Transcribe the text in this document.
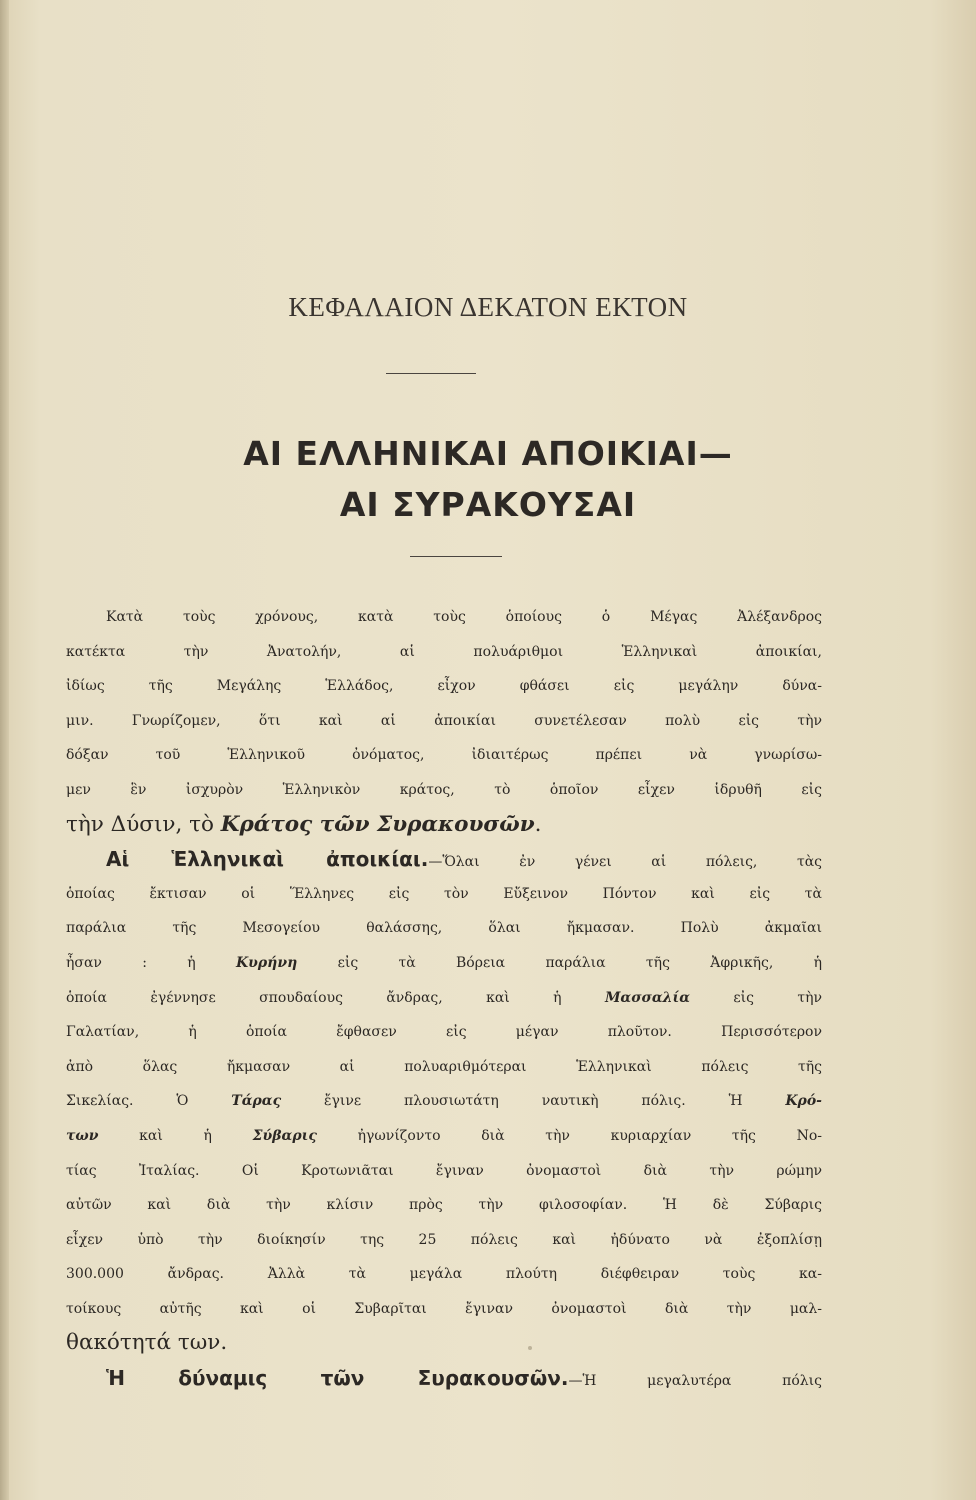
ΚΕΦΑΛΑΙΟΝ ΔΕΚΑΤΟΝ ΕΚΤΟΝ
ΑΙ ΕΛΛΗΝΙΚΑΙ ΑΠΟΙΚΙΑΙ—
ΑΙ ΣΥΡΑΚΟΥΣΑΙ
Κατὰ τοὺς χρόνους, κατὰ τοὺς ὁποίους ὁ Μέγας Ἀλέξανδρος
κατέκτα τὴν Ἀνατολήν, αἱ πολυάριθμοι Ἑλληνικαὶ ἀποικίαι,
ἰδίως τῆς Μεγάλης Ἑλλάδος, εἶχον φθάσει εἰς μεγάλην δύνα-
μιν. Γνωρίζομεν, ὅτι καὶ αἱ ἀποικίαι συνετέλεσαν πολὺ εἰς τὴν
δόξαν τοῦ Ἑλληνικοῦ ὀνόματος, ἰδιαιτέρως πρέπει νὰ γνωρίσω-
μεν ἓν ἰσχυρὸν Ἑλληνικὸν κράτος, τὸ ὁποῖον εἶχεν ἱδρυθῆ εἰς
τὴν Δύσιν, τὸ Κράτος τῶν Συρακουσῶν.
Αἱ Ἑλληνικαὶ ἀποικίαι.—Ὅλαι ἐν γένει αἱ πόλεις, τὰς
ὁποίας ἔκτισαν οἱ Ἕλληνες εἰς τὸν Εὔξεινον Πόντον καὶ εἰς τὰ
παράλια τῆς Μεσογείου θαλάσσης, ὅλαι ἤκμασαν. Πολὺ ἀκμαῖαι
ἦσαν : ἡ Κυρήνη εἰς τὰ Βόρεια παράλια τῆς Ἀφρικῆς, ἡ
ὁποία ἐγέννησε σπουδαίους ἄνδρας, καὶ ἡ Μασσαλία εἰς τὴν
Γαλατίαν, ἡ ὁποία ἔφθασεν εἰς μέγαν πλοῦτον. Περισσότερον
ἀπὸ ὅλας ἤκμασαν αἱ πολυαριθμότεραι Ἑλληνικαὶ πόλεις τῆς
Σικελίας. Ὁ Τάρας ἔγινε πλουσιωτάτη ναυτικὴ πόλις. Ἡ Κρό-
των καὶ ἡ Σύβαρις ἠγωνίζοντο διὰ τὴν κυριαρχίαν τῆς Νο-
τίας Ἰταλίας. Οἱ Κροτωνιᾶται ἔγιναν ὀνομαστοὶ διὰ τὴν ρώμην
αὐτῶν καὶ διὰ τὴν κλίσιν πρὸς τὴν φιλοσοφίαν. Ἡ δὲ Σύβαρις
εἶχεν ὑπὸ τὴν διοίκησίν της 25 πόλεις καὶ ἠδύνατο νὰ ἐξοπλίσῃ
300.000 ἄνδρας. Ἀλλὰ τὰ μεγάλα πλούτη διέφθειραν τοὺς κα-
τοίκους αὐτῆς καὶ οἱ Συβαρῖται ἔγιναν ὀνομαστοὶ διὰ τὴν μαλ-
θακότητά των.
Ἡ δύναμις τῶν Συρακουσῶν.—Ἡ μεγαλυτέρα πόλις
